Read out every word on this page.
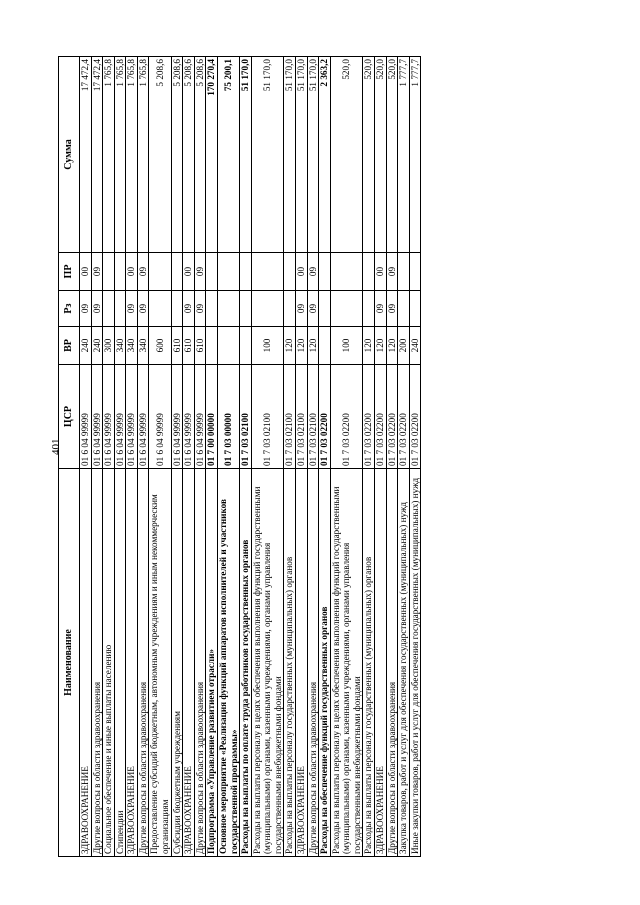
401
Наименование	ЦСР	ВР	Рз	ПР	Сумма
ЗДРАВООХРАНЕНИЕ	01 6 04 99999	240	09	00	17 472,4
Другие вопросы в области здравоохранения	01 6 04 99999	240	09	09	17 472,4
Социальное обеспечение и иные выплаты населению	01 6 04 99999	300			1 765,8
Стипендии	01 6 04 99999	340			1 765,8
ЗДРАВООХРАНЕНИЕ	01 6 04 99999	340	09	00	1 765,8
Другие вопросы в области здравоохранения	01 6 04 99999	340	09	09	1 765,8
Предоставление субсидий бюджетным, автономным учреждениям и иным некоммерческим организациям	01 6 04 99999	600			5 208,6
Субсидии бюджетным учреждениям	01 6 04 99999	610			5 208,6
ЗДРАВООХРАНЕНИЕ	01 6 04 99999	610	09	00	5 208,6
Другие вопросы в области здравоохранения	01 6 04 99999	610	09	09	5 208,6
Подпрограмма «Управление развитием отрасли»	01 7 00 00000				170 270,4
Основное мероприятие «Реализация функций аппаратов исполнителей и участников государственной программы»	01 7 03 00000				75 200,1
Расходы на выплаты по оплате труда работников государственных органов	01 7 03 02100				51 170,0
Расходы на выплаты персоналу в целях обеспечения выполнения функций государственными (муниципальными) органами, казенными учреждениями, органами управления государственными внебюджетными фондами	01 7 03 02100	100			51 170,0
Расходы на выплаты персоналу государственных (муниципальных) органов	01 7 03 02100	120			51 170,0
ЗДРАВООХРАНЕНИЕ	01 7 03 02100	120	09	00	51 170,0
Другие вопросы в области здравоохранения	01 7 03 02100	120	09	09	51 170,0
Расходы на обеспечение функций государственных органов	01 7 03 02200				2 363,2
Расходы на выплаты персоналу в целях обеспечения выполнения функций государственными (муниципальными) органами, казенными учреждениями, органами управления государственными внебюджетными фондами	01 7 03 02200	100			520,0
Расходы на выплаты персоналу государственных (муниципальных) органов	01 7 03 02200	120			520,0
ЗДРАВООХРАНЕНИЕ	01 7 03 02200	120	09	00	520,0
Другие вопросы в области здравоохранения	01 7 03 02200	120	09	09	520,0
Закупка товаров, работ и услуг для обеспечения государственных (муниципальных) нужд	01 7 03 02200	200			1 777,7
Иные закупки товаров, работ и услуг для обеспечения государственных (муниципальных) нужд	01 7 03 02200	240			1 777,7
